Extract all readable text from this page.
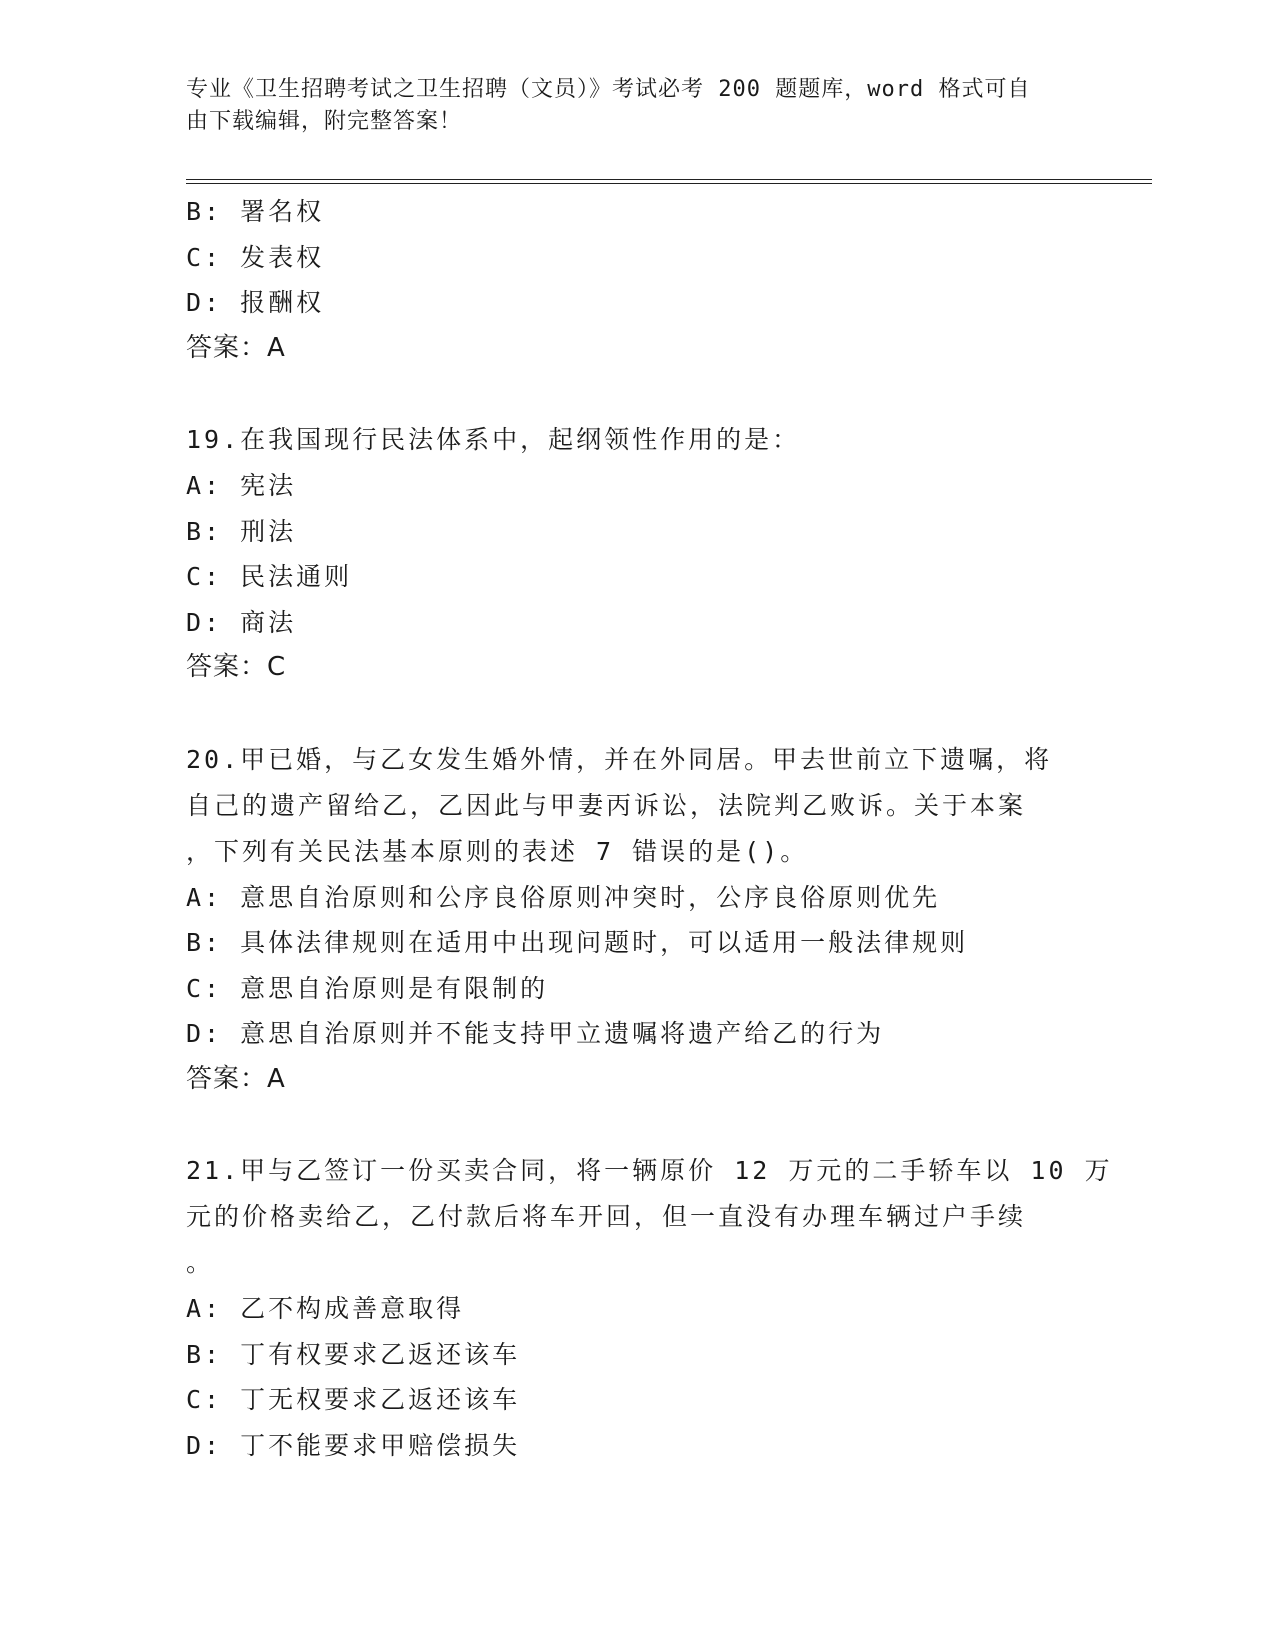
专业《卫生招聘考试之卫生招聘（文员）》考试必考 200 题题库，word 格式可自
由下载编辑，附完整答案！
B: 署名权
C: 发表权
D: 报酬权
答案：A
19.在我国现行民法体系中，起纲领性作用的是：
A: 宪法
B: 刑法
C: 民法通则
D: 商法
答案：C
20.甲已婚，与乙女发生婚外情，并在外同居。甲去世前立下遗嘱，将
自己的遗产留给乙，乙因此与甲妻丙诉讼，法院判乙败诉。关于本案
，下列有关民法基本原则的表述 7 错误的是()。
A: 意思自治原则和公序良俗原则冲突时，公序良俗原则优先
B: 具体法律规则在适用中出现问题时，可以适用一般法律规则
C: 意思自治原则是有限制的
D: 意思自治原则并不能支持甲立遗嘱将遗产给乙的行为
答案：A
21.甲与乙签订一份买卖合同，将一辆原价 12 万元的二手轿车以 10 万
元的价格卖给乙，乙付款后将车开回，但一直没有办理车辆过户手续
。
A: 乙不构成善意取得
B: 丁有权要求乙返还该车
C: 丁无权要求乙返还该车
D: 丁不能要求甲赔偿损失
